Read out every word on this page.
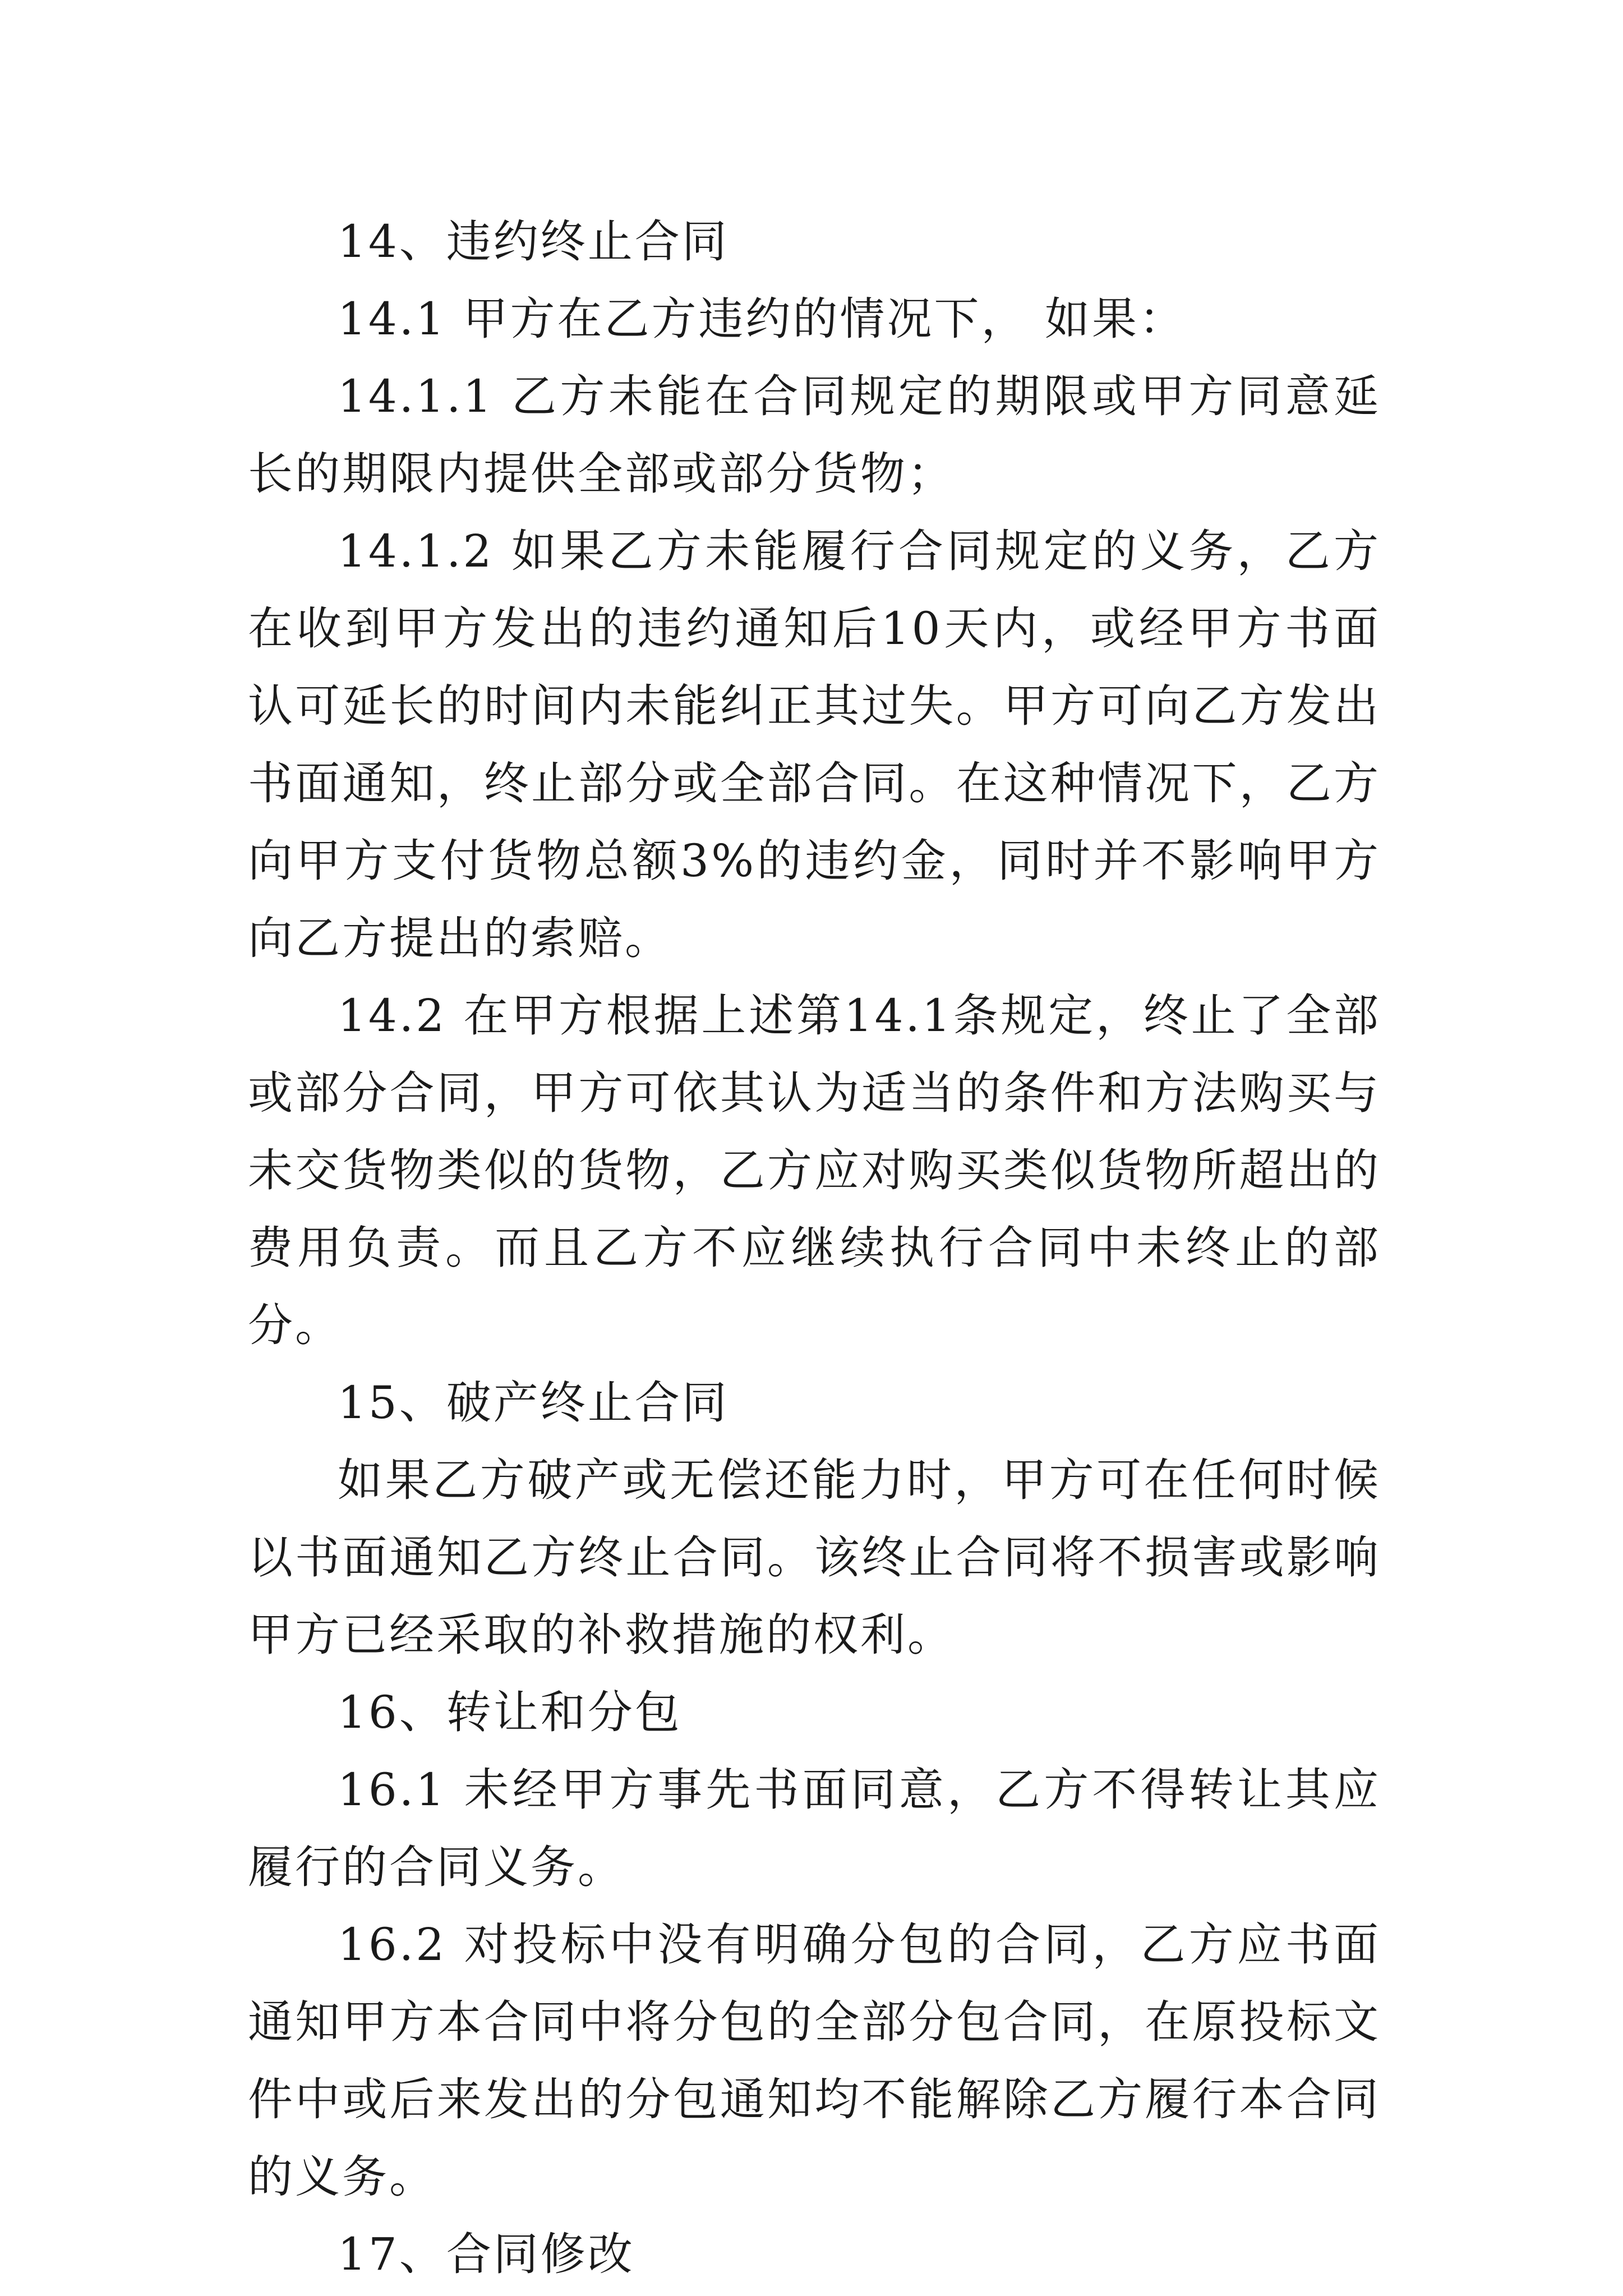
14、违约终止合同

14.1 甲方在乙方违约的情况下， 如果：

14.1.1 乙方未能在合同规定的期限或甲方同意延长的期限内提供全部或部分货物；

14.1.2 如果乙方未能履行合同规定的义务，乙方在收到甲方发出的违约通知后10天内，或经甲方书面认可延长的时间内未能纠正其过失。甲方可向乙方发出书面通知，终止部分或全部合同。在这种情况下，乙方向甲方支付货物总额3%的违约金，同时并不影响甲方向乙方提出的索赔。

14.2 在甲方根据上述第14.1条规定，终止了全部或部分合同，甲方可依其认为适当的条件和方法购买与未交货物类似的货物，乙方应对购买类似货物所超出的费用负责。而且乙方不应继续执行合同中未终止的部分。

15、破产终止合同

如果乙方破产或无偿还能力时，甲方可在任何时候以书面通知乙方终止合同。该终止合同将不损害或影响甲方已经采取的补救措施的权利。

16、转让和分包

16.1 未经甲方事先书面同意，乙方不得转让其应履行的合同义务。

16.2 对投标中没有明确分包的合同，乙方应书面通知甲方本合同中将分包的全部分包合同，在原投标文件中或后来发出的分包通知均不能解除乙方履行本合同的义务。

17、合同修改
